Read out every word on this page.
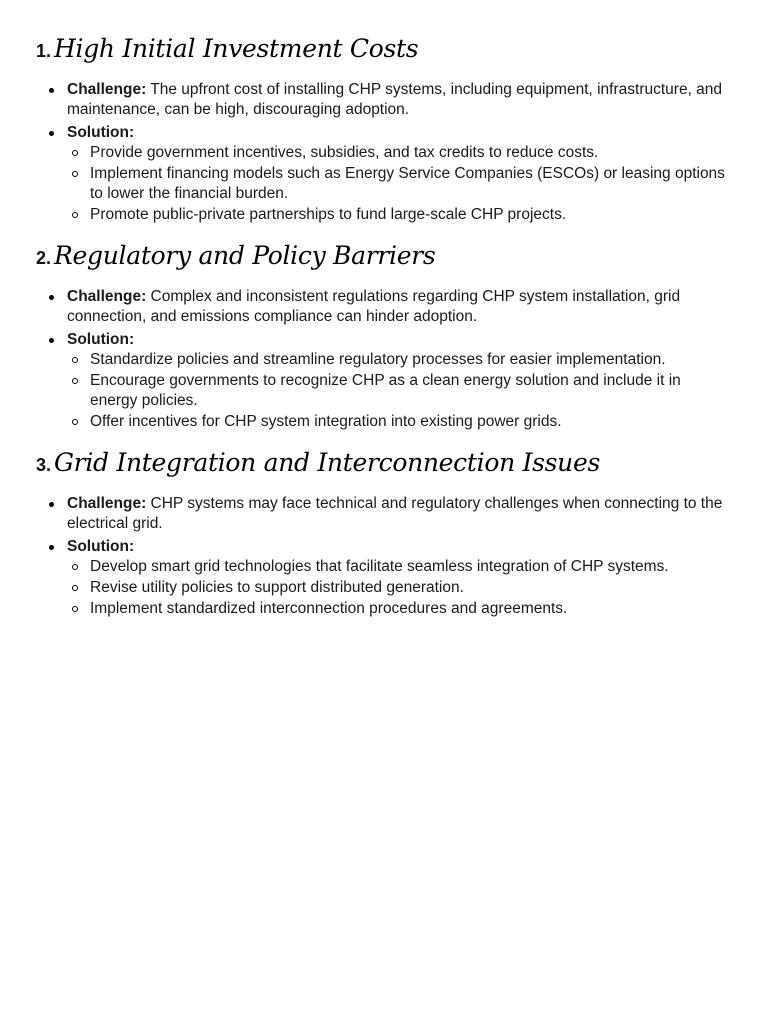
1. High Initial Investment Costs
Challenge: The upfront cost of installing CHP systems, including equipment, infrastructure, and maintenance, can be high, discouraging adoption.
Solution:
Provide government incentives, subsidies, and tax credits to reduce costs.
Implement financing models such as Energy Service Companies (ESCOs) or leasing options to lower the financial burden.
Promote public-private partnerships to fund large-scale CHP projects.
2. Regulatory and Policy Barriers
Challenge: Complex and inconsistent regulations regarding CHP system installation, grid connection, and emissions compliance can hinder adoption.
Solution:
Standardize policies and streamline regulatory processes for easier implementation.
Encourage governments to recognize CHP as a clean energy solution and include it in energy policies.
Offer incentives for CHP system integration into existing power grids.
3. Grid Integration and Interconnection Issues
Challenge: CHP systems may face technical and regulatory challenges when connecting to the electrical grid.
Solution:
Develop smart grid technologies that facilitate seamless integration of CHP systems.
Revise utility policies to support distributed generation.
Implement standardized interconnection procedures and agreements.
